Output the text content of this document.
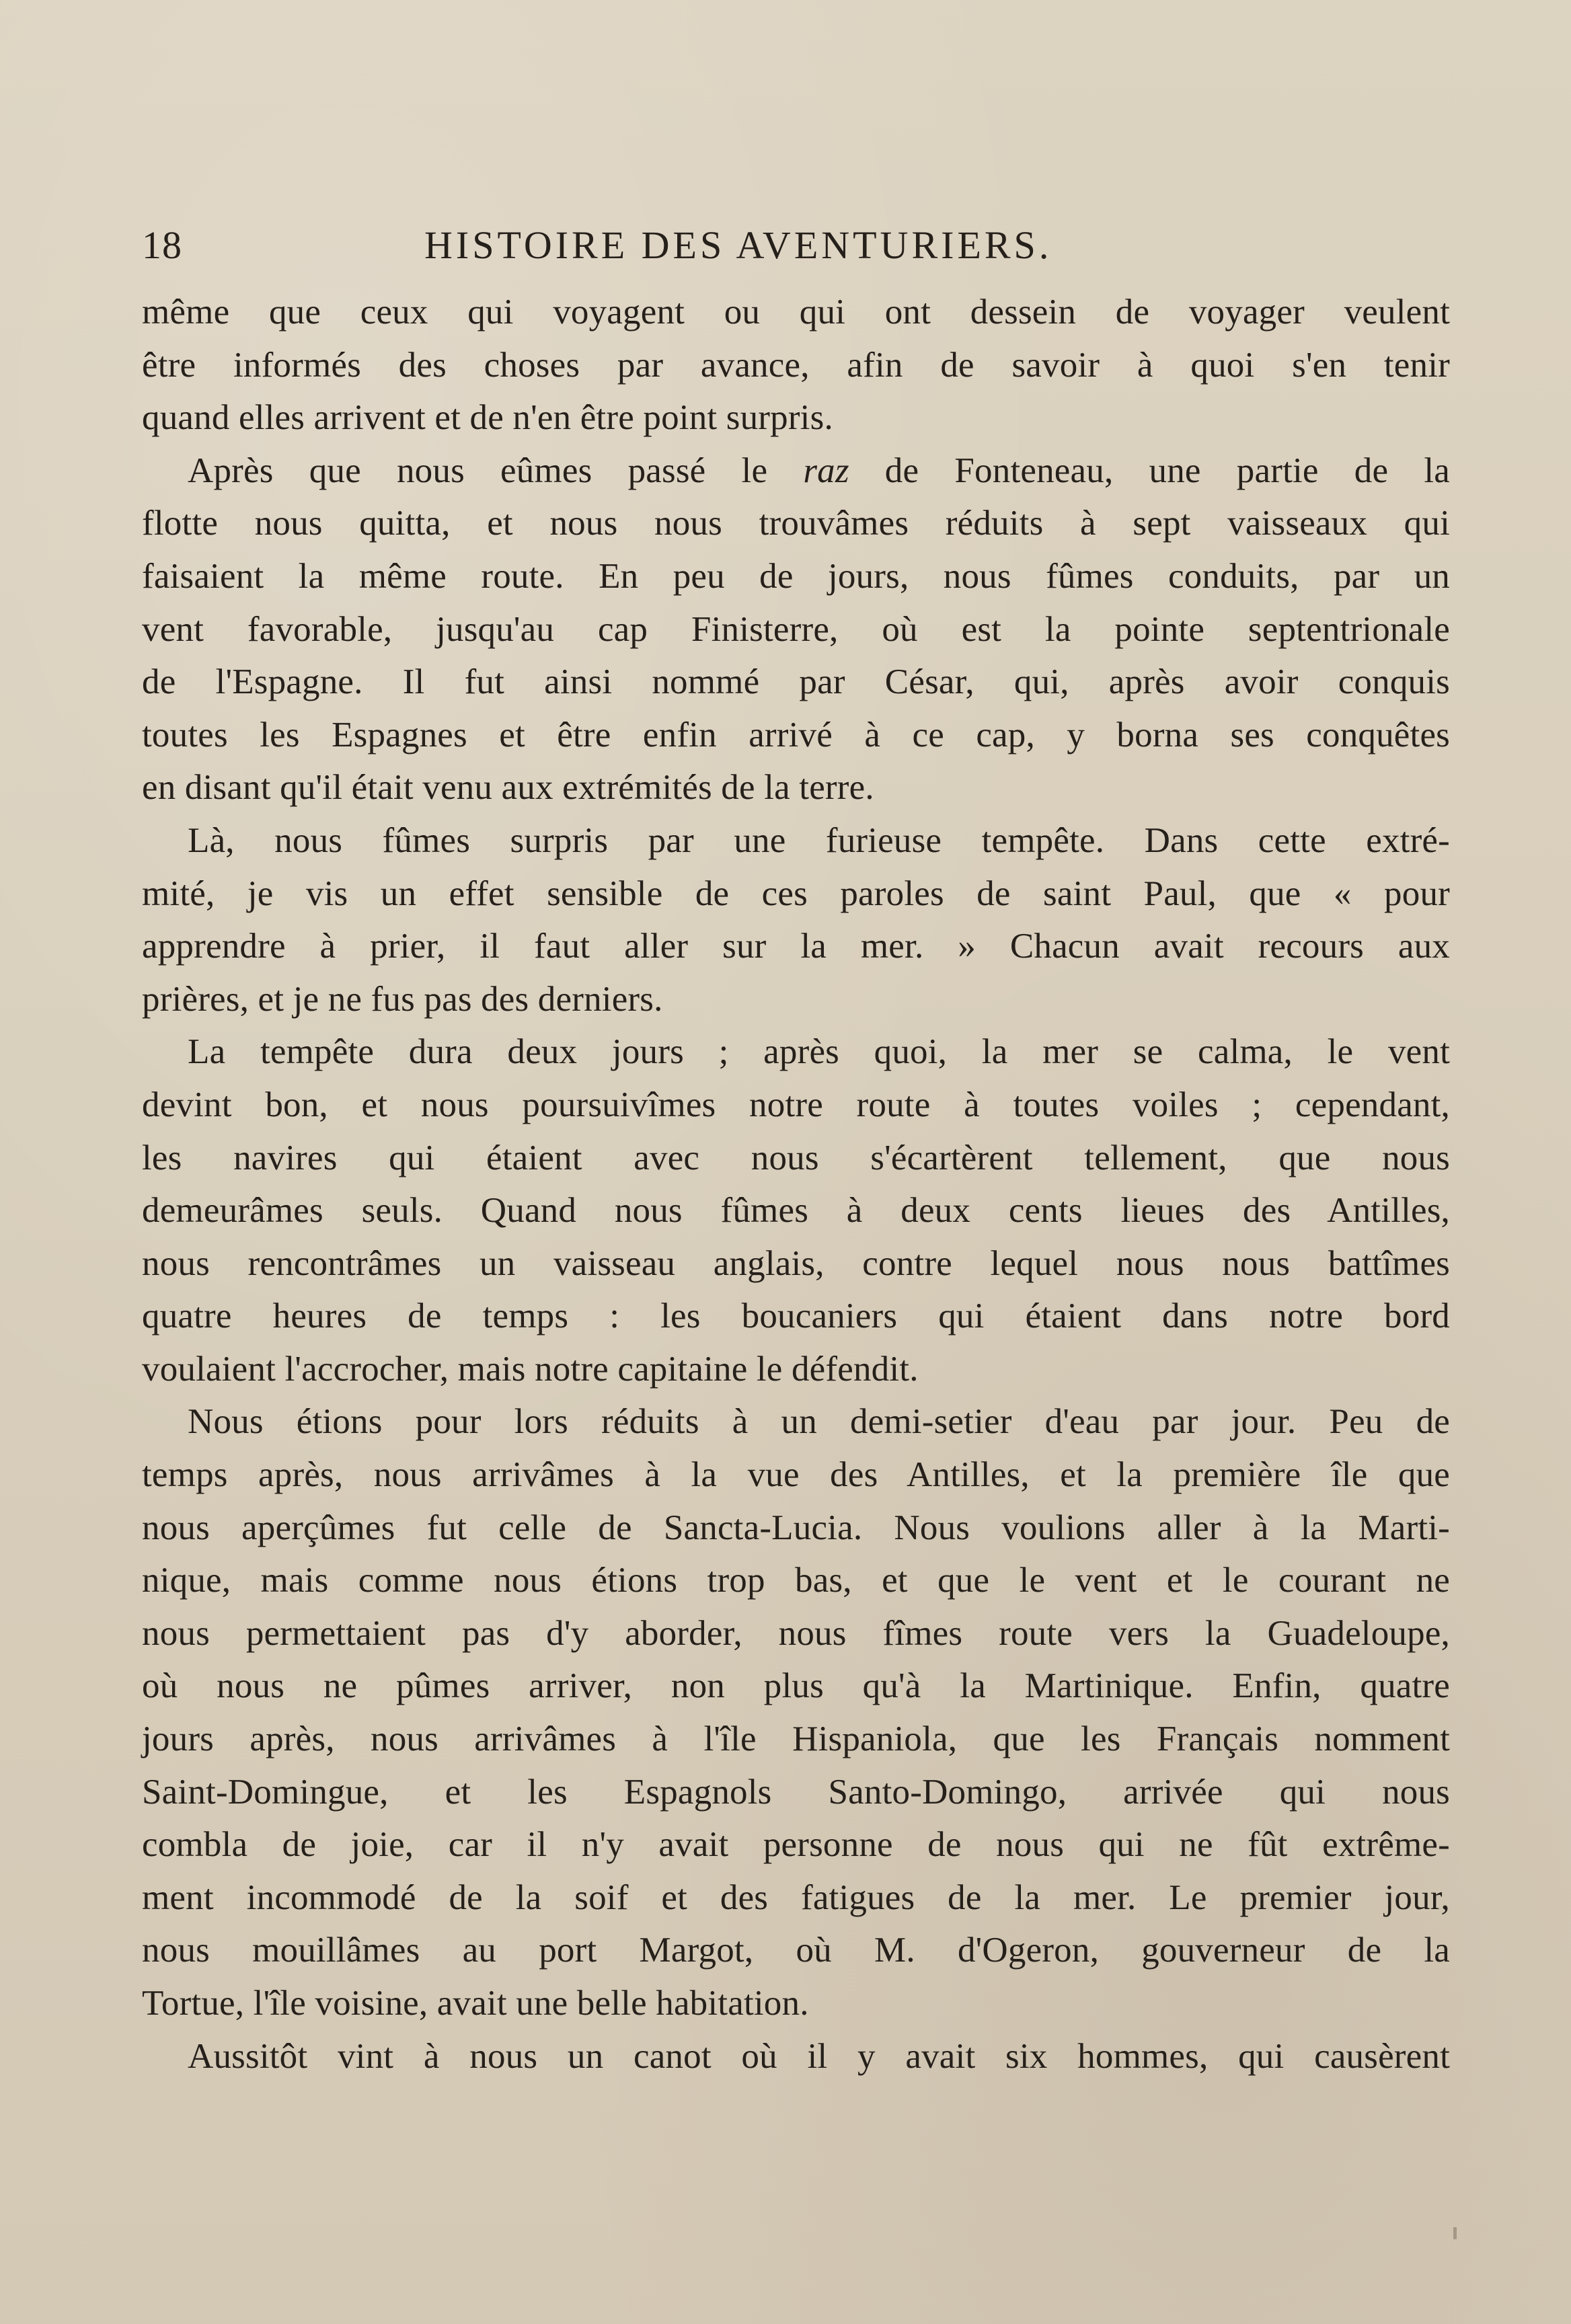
18	HISTOIRE DES AVENTURIERS.
même que ceux qui voyagent ou qui ont dessein de voyager veulent
être informés des choses par avance, afin de savoir à quoi s'en tenir
quand elles arrivent et de n'en être point surpris.
Après que nous eûmes passé le raz de Fonteneau, une partie de la
flotte nous quitta, et nous nous trouvâmes réduits à sept vaisseaux qui
faisaient la même route. En peu de jours, nous fûmes conduits, par un
vent favorable, jusqu'au cap Finisterre, où est la pointe septentrionale
de l'Espagne. Il fut ainsi nommé par César, qui, après avoir conquis
toutes les Espagnes et être enfin arrivé à ce cap, y borna ses conquêtes
en disant qu'il était venu aux extrémités de la terre.
Là, nous fûmes surpris par une furieuse tempête. Dans cette extré-
mité, je vis un effet sensible de ces paroles de saint Paul, que « pour
apprendre à prier, il faut aller sur la mer. » Chacun avait recours aux
prières, et je ne fus pas des derniers.
La tempête dura deux jours ; après quoi, la mer se calma, le vent
devint bon, et nous poursuivîmes notre route à toutes voiles ; cependant,
les navires qui étaient avec nous s'écartèrent tellement, que nous
demeurâmes seuls. Quand nous fûmes à deux cents lieues des Antilles,
nous rencontrâmes un vaisseau anglais, contre lequel nous nous battîmes
quatre heures de temps : les boucaniers qui étaient dans notre bord
voulaient l'accrocher, mais notre capitaine le défendit.
Nous étions pour lors réduits à un demi-setier d'eau par jour. Peu de
temps après, nous arrivâmes à la vue des Antilles, et la première île que
nous aperçûmes fut celle de Sancta-Lucia. Nous voulions aller à la Marti-
nique, mais comme nous étions trop bas, et que le vent et le courant ne
nous permettaient pas d'y aborder, nous fîmes route vers la Guadeloupe,
où nous ne pûmes arriver, non plus qu'à la Martinique. Enfin, quatre
jours après, nous arrivâmes à l'île Hispaniola, que les Français nomment
Saint-Domingue, et les Espagnols Santo-Domingo, arrivée qui nous
combla de joie, car il n'y avait personne de nous qui ne fût extrême-
ment incommodé de la soif et des fatigues de la mer. Le premier jour,
nous mouillâmes au port Margot, où M. d'Ogeron, gouverneur de la
Tortue, l'île voisine, avait une belle habitation.
Aussitôt vint à nous un canot où il y avait six hommes, qui causèrent
